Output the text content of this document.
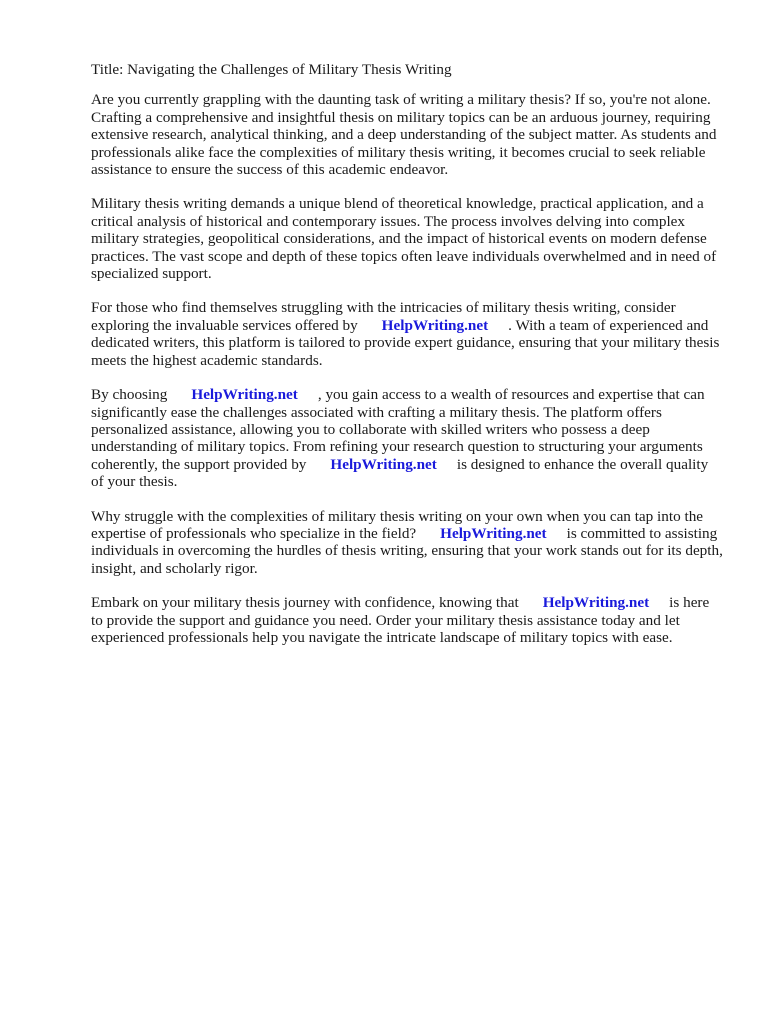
Title: Navigating the Challenges of Military Thesis Writing

Are you currently grappling with the daunting task of writing a military thesis? If so, you're not alone. Crafting a comprehensive and insightful thesis on military topics can be an arduous journey, requiring extensive research, analytical thinking, and a deep understanding of the subject matter. As students and professionals alike face the complexities of military thesis writing, it becomes crucial to seek reliable assistance to ensure the success of this academic endeavor.

Military thesis writing demands a unique blend of theoretical knowledge, practical application, and a critical analysis of historical and contemporary issues. The process involves delving into complex military strategies, geopolitical considerations, and the impact of historical events on modern defense practices. The vast scope and depth of these topics often leave individuals overwhelmed and in need of specialized support.

For those who find themselves struggling with the intricacies of military thesis writing, consider exploring the invaluable services offered by HelpWriting.net . With a team of experienced and dedicated writers, this platform is tailored to provide expert guidance, ensuring that your military thesis meets the highest academic standards.

By choosing HelpWriting.net , you gain access to a wealth of resources and expertise that can significantly ease the challenges associated with crafting a military thesis. The platform offers personalized assistance, allowing you to collaborate with skilled writers who possess a deep understanding of military topics. From refining your research question to structuring your arguments coherently, the support provided by HelpWriting.net is designed to enhance the overall quality of your thesis.

Why struggle with the complexities of military thesis writing on your own when you can tap into the expertise of professionals who specialize in the field? HelpWriting.net is committed to assisting individuals in overcoming the hurdles of thesis writing, ensuring that your work stands out for its depth, insight, and scholarly rigor.

Embark on your military thesis journey with confidence, knowing that HelpWriting.net is here to provide the support and guidance you need. Order your military thesis assistance today and let experienced professionals help you navigate the intricate landscape of military topics with ease.
